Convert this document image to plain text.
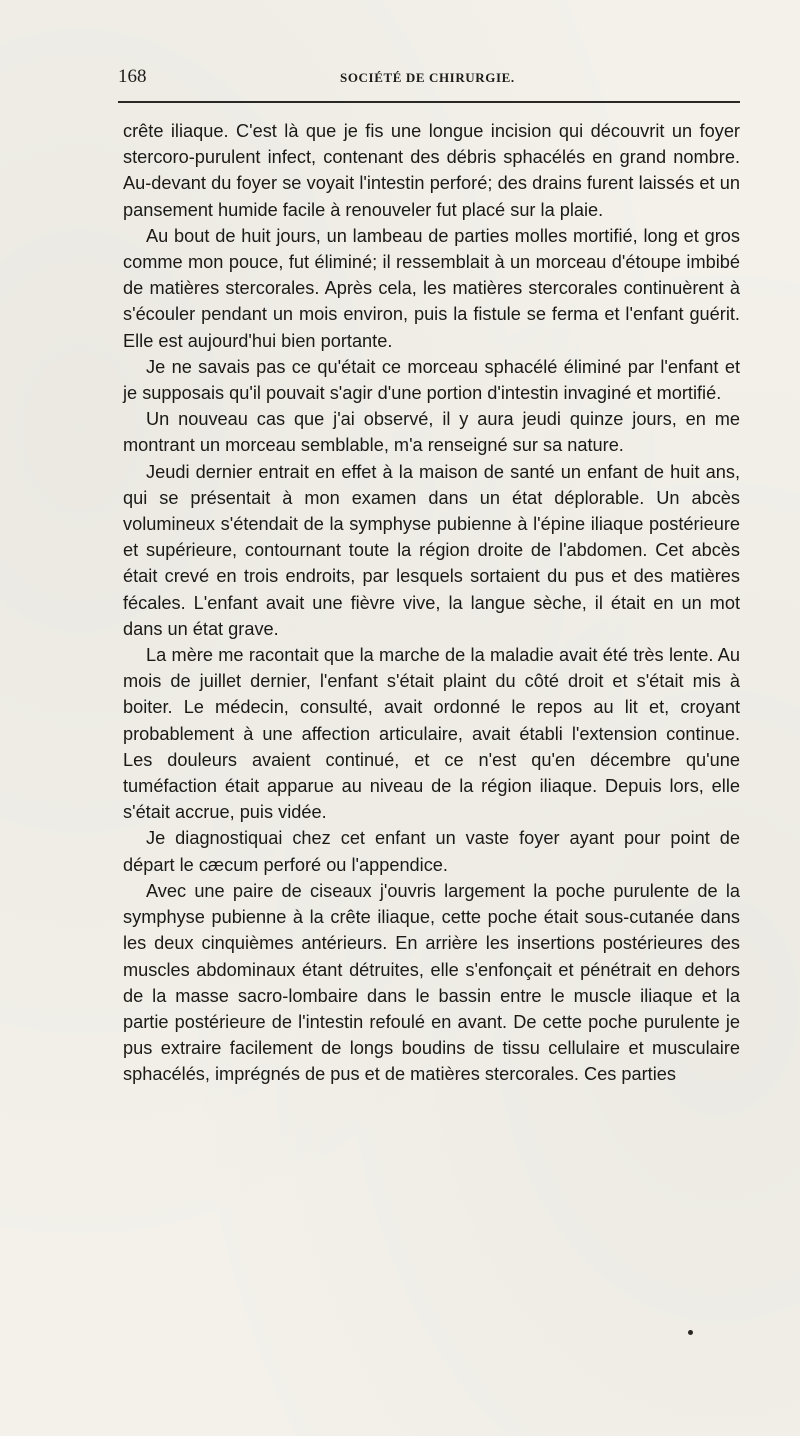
168	SOCIÉTÉ DE CHIRURGIE.

crête iliaque. C'est là que je fis une longue incision qui découvrit un foyer stercoro-purulent infect, contenant des débris sphacélés en grand nombre. Au-devant du foyer se voyait l'intestin perforé; des drains furent laissés et un pansement humide facile à renouveler fut placé sur la plaie.

Au bout de huit jours, un lambeau de parties molles mortifié, long et gros comme mon pouce, fut éliminé; il ressemblait à un morceau d'étoupe imbibé de matières stercorales. Après cela, les matières stercorales continuèrent à s'écouler pendant un mois environ, puis la fistule se ferma et l'enfant guérit. Elle est aujourd'hui bien portante.

Je ne savais pas ce qu'était ce morceau sphacélé éliminé par l'enfant et je supposais qu'il pouvait s'agir d'une portion d'intestin invaginé et mortifié.

Un nouveau cas que j'ai observé, il y aura jeudi quinze jours, en me montrant un morceau semblable, m'a renseigné sur sa nature.

Jeudi dernier entrait en effet à la maison de santé un enfant de huit ans, qui se présentait à mon examen dans un état déplorable. Un abcès volumineux s'étendait de la symphyse pubienne à l'épine iliaque postérieure et supérieure, contournant toute la région droite de l'abdomen. Cet abcès était crevé en trois endroits, par lesquels sortaient du pus et des matières fécales. L'enfant avait une fièvre vive, la langue sèche, il était en un mot dans un état grave.

La mère me racontait que la marche de la maladie avait été très lente. Au mois de juillet dernier, l'enfant s'était plaint du côté droit et s'était mis à boiter. Le médecin, consulté, avait ordonné le repos au lit et, croyant probablement à une affection articulaire, avait établi l'extension continue. Les douleurs avaient continué, et ce n'est qu'en décembre qu'une tuméfaction était apparue au niveau de la région iliaque. Depuis lors, elle s'était accrue, puis vidée.

Je diagnostiquai chez cet enfant un vaste foyer ayant pour point de départ le cæcum perforé ou l'appendice.

Avec une paire de ciseaux j'ouvris largement la poche purulente de la symphyse pubienne à la crête iliaque, cette poche était sous-cutanée dans les deux cinquièmes antérieurs. En arrière les insertions postérieures des muscles abdominaux étant détruites, elle s'enfonçait et pénétrait en dehors de la masse sacro-lombaire dans le bassin entre le muscle iliaque et la partie postérieure de l'intestin refoulé en avant. De cette poche purulente je pus extraire facilement de longs boudins de tissu cellulaire et musculaire sphacélés, imprégnés de pus et de matières stercorales. Ces parties
